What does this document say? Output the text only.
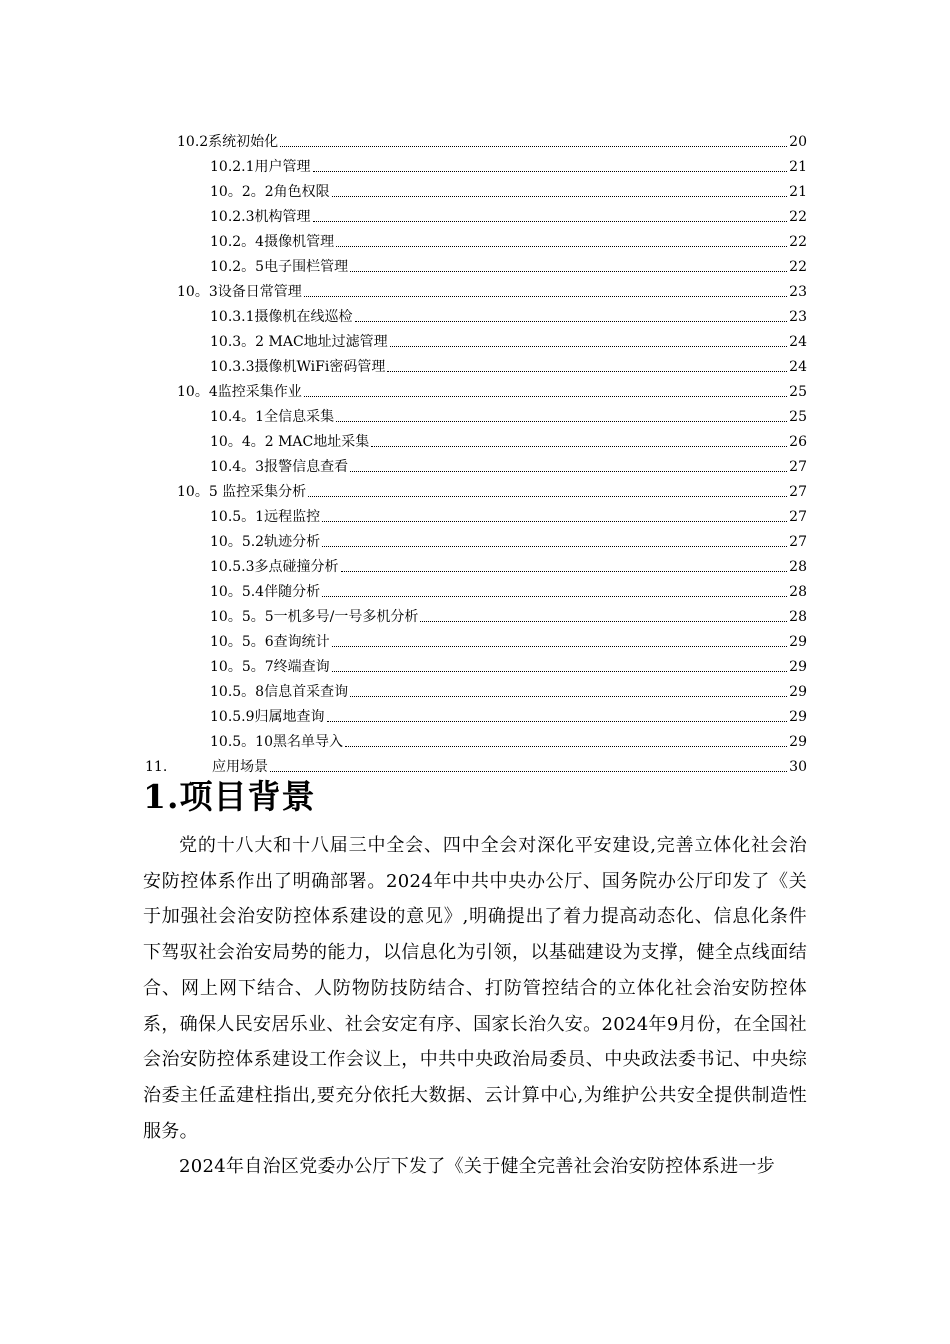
10.2系统初始化	20
10.2.1用户管理	21
10。2。2角色权限	21
10.2.3机构管理	22
10.2。4摄像机管理	22
10.2。5电子围栏管理	22
10。3设备日常管理	23
10.3.1摄像机在线巡检	23
10.3。2 MAC地址过滤管理	24
10.3.3摄像机WiFi密码管理	24
10。4监控采集作业	25
10.4。1全信息采集	25
10。4。2 MAC地址采集	26
10.4。3报警信息查看	27
10。5 监控采集分析	27
10.5。1远程监控	27
10。5.2轨迹分析	27
10.5.3多点碰撞分析	28
10。5.4伴随分析	28
10。5。5一机多号/一号多机分析	28
10。5。6查询统计	29
10。5。7终端查询	29
10.5。8信息首采查询	29
10.5.9归属地查询	29
10.5。10黑名单导入	29
11.	应用场景	30
1.项目背景

党的十八大和十八届三中全会、四中全会对深化平安建设,完善立体化社会治安防控体系作出了明确部署。2024年中共中央办公厅、国务院办公厅印发了《关于加强社会治安防控体系建设的意见》,明确提出了着力提高动态化、信息化条件下驾驭社会治安局势的能力，以信息化为引领，以基础建设为支撑，健全点线面结合、网上网下结合、人防物防技防结合、打防管控结合的立体化社会治安防控体系，确保人民安居乐业、社会安定有序、国家长治久安。2024年9月份，在全国社会治安防控体系建设工作会议上，中共中央政治局委员、中央政法委书记、中央综治委主任孟建柱指出,要充分依托大数据、云计算中心,为维护公共安全提供制造性服务。

2024年自治区党委办公厅下发了《关于健全完善社会治安防控体系进一步
